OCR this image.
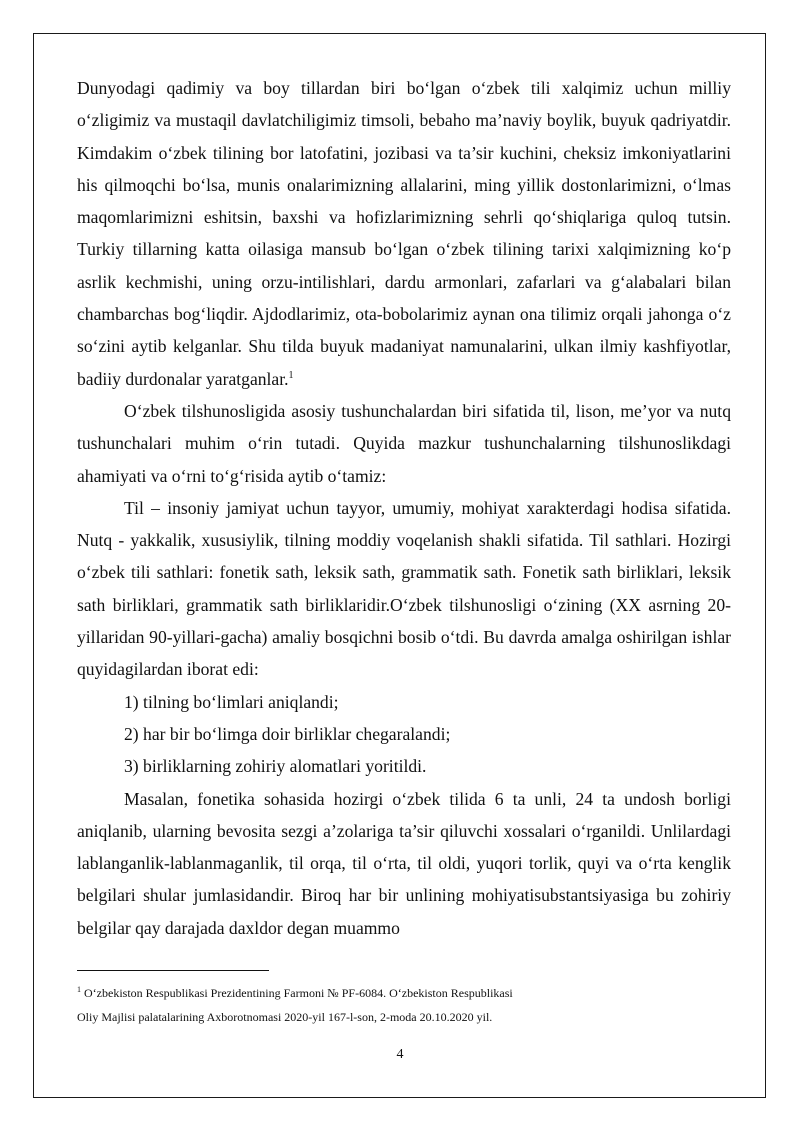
Dunyodagi qadimiy va boy tillardan biri bo‘lgan o‘zbek tili xalqimiz uchun milliy o‘zligimiz va mustaqil davlatchiligimiz timsoli, bebaho ma’naviy boylik, buyuk qadriyatdir. Kimdakim o‘zbek tilining bor latofatini, jozibasi va ta’sir kuchini, cheksiz imkoniyatlarini his qilmoqchi bo‘lsa, munis onalarimizning allalarini, ming yillik dostonlarimizni, o‘lmas maqomlarimizni eshitsin, baxshi va hofizlarimizning sehrli qo‘shiqlariga quloq tutsin. Turkiy tillarning katta oilasiga mansub bo‘lgan o‘zbek tilining tarixi xalqimizning ko‘p asrlik kechmishi, uning orzu-intilishlari, dardu armonlari, zafarlari va g‘alabalari bilan chambarchas bog‘liqdir. Ajdodlarimiz, ota-bobolarimiz aynan ona tilimiz orqali jahonga o‘z so‘zini aytib kelganlar. Shu tilda buyuk madaniyat namunalarini, ulkan ilmiy kashfiyotlar, badiiy durdonalar yaratganlar.$^1$

O‘zbek tilshunosligida asosiy tushunchalardan biri sifatida til, lison, me’yor va nutq tushunchalari muhim o‘rin tutadi. Quyida mazkur tushunchalarning tilshunoslikdagi ahamiyati va o‘rni to‘g‘risida aytib o‘tamiz:

Til – insoniy jamiyat uchun tayyor, umumiy, mohiyat xarakterdagi hodisa sifatida. Nutq - yakkalik, xususiylik, tilning moddiy voqelanish shakli sifatida. Til sathlari. Hozirgi o‘zbek tili sathlari: fonetik sath, leksik sath, grammatik sath. Fonetik sath birliklari, leksik sath birliklari, grammatik sath birliklaridir.O‘zbek tilshunosligi o‘zining (XX asrning 20-yillaridan 90-yillari-gacha) amaliy bosqichni bosib o‘tdi. Bu davrda amalga oshirilgan ishlar quyidagilardan iborat edi:

1) tilning bo‘limlari aniqlandi;

2) har bir bo‘limga doir birliklar chegaralandi;

3) birliklarning zohiriy alomatlari yoritildi.

Masalan, fonetika sohasida hozirgi o‘zbek tilida 6 ta unli, 24 ta undosh borligi aniqlanib, ularning bevosita sezgi a’zolariga ta’sir qiluvchi xossalari o‘rganildi. Unlilardagi lablanganlik-lablanmaganlik, til orqa, til o‘rta, til oldi, yuqori torlik, quyi va o‘rta kenglik belgilari shular jumlasidandir. Biroq har bir unlining mohiyatisubstantsiyasiga bu zohiriy belgilar qay darajada daxldor degan muammo

$^1$ O‘zbekiston Respublikasi Prezidentining Farmoni № PF-6084. O‘zbekiston Respublikasi

Oliy Majlisi palatalarining Axborotnomasi 2020-yil 167-l-son, 2-moda 20.10.2020 yil.

4
